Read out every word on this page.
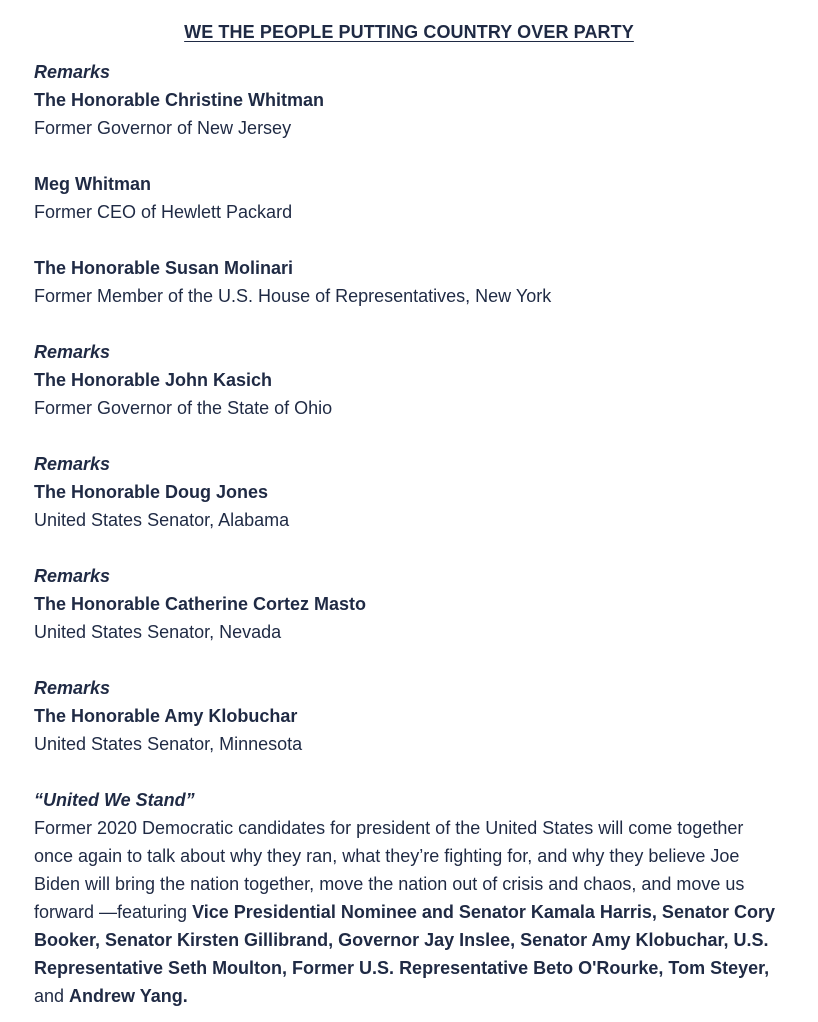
WE THE PEOPLE PUTTING COUNTRY OVER PARTY
Remarks
The Honorable Christine Whitman
Former Governor of New Jersey
Meg Whitman
Former CEO of Hewlett Packard
The Honorable Susan Molinari
Former Member of the U.S. House of Representatives, New York
Remarks
The Honorable John Kasich
Former Governor of the State of Ohio
Remarks
The Honorable Doug Jones
United States Senator, Alabama
Remarks
The Honorable Catherine Cortez Masto
United States Senator, Nevada
Remarks
The Honorable Amy Klobuchar
United States Senator, Minnesota
“United We Stand”

Former 2020 Democratic candidates for president of the United States will come together once again to talk about why they ran, what they’re fighting for, and why they believe Joe Biden will bring the nation together, move the nation out of crisis and chaos, and move us forward —featuring Vice Presidential Nominee and Senator Kamala Harris, Senator Cory Booker, Senator Kirsten Gillibrand, Governor Jay Inslee, Senator Amy Klobuchar, U.S. Representative Seth Moulton, Former U.S. Representative Beto O'Rourke, Tom Steyer, and Andrew Yang.
